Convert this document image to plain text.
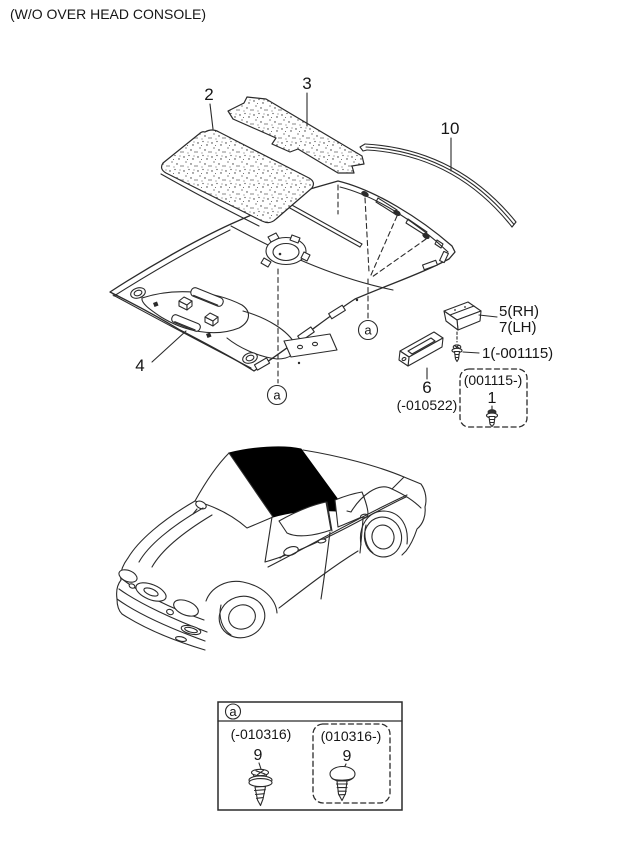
(W/O OVER HEAD CONSOLE)
4
2
3
10
a
a
5(RH)
7(LH)
1(-001115)
6
(-010522)
(001115-)
1
a
(-010316)
9
(010316-)
9
